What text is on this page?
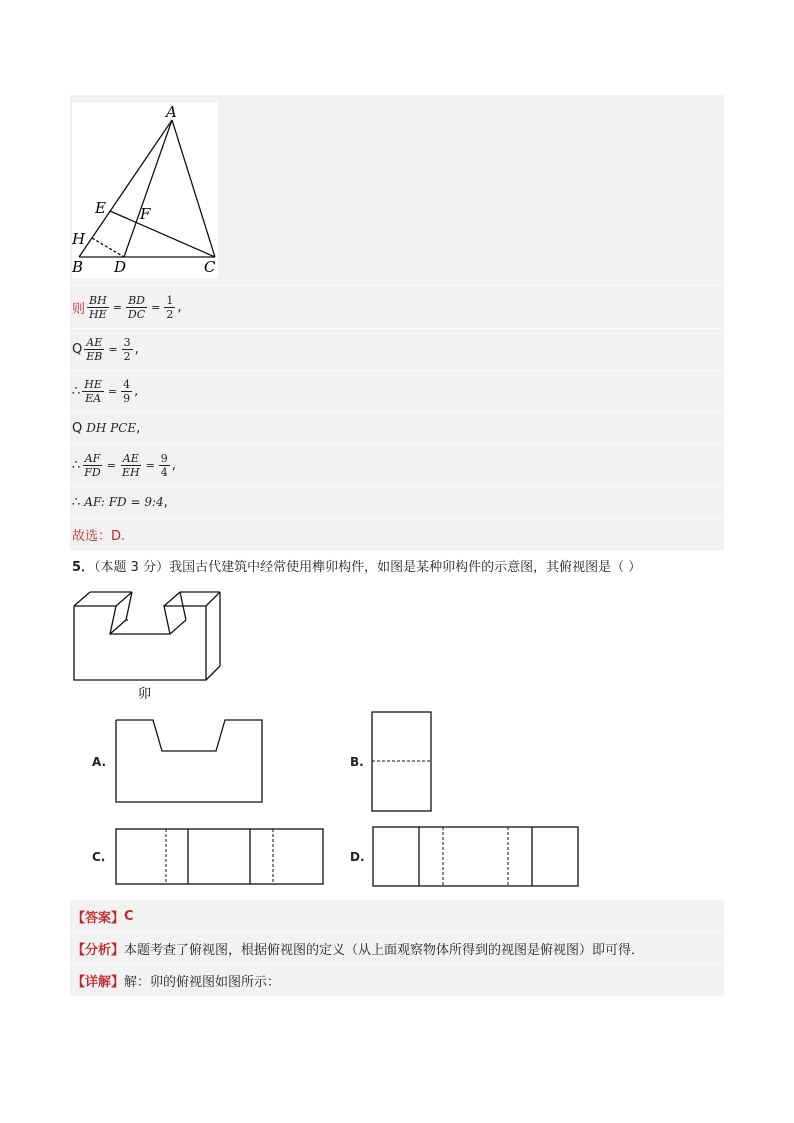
A
E F
H
B D	C
则 $\frac{BH}{HE} = \frac{BD}{DC} = \frac{1}{2}$ ,
Q $\frac{AE}{EB} = \frac{3}{2}$ ,
∴ $\frac{HE}{EA} = \frac{4}{9}$ ,
Q DH PCE ,
∴ $\frac{AF}{FD} = \frac{AE}{EH} = \frac{9}{4}$ ,
∴ AF: FD = 9:4 ,
故选：D.
5．（本题 3 分）我国古代建筑中经常使用榫卯构件，如图是某种卯构件的示意图，其俯视图是（ ）
卯
A.	B.
C.	D.
【答案】 C
【分析】 本题考查了俯视图，根据俯视图的定义（从上面观察物体所得到的视图是俯视图）即可得．
【详解】 解：卯的俯视图如图所示：
